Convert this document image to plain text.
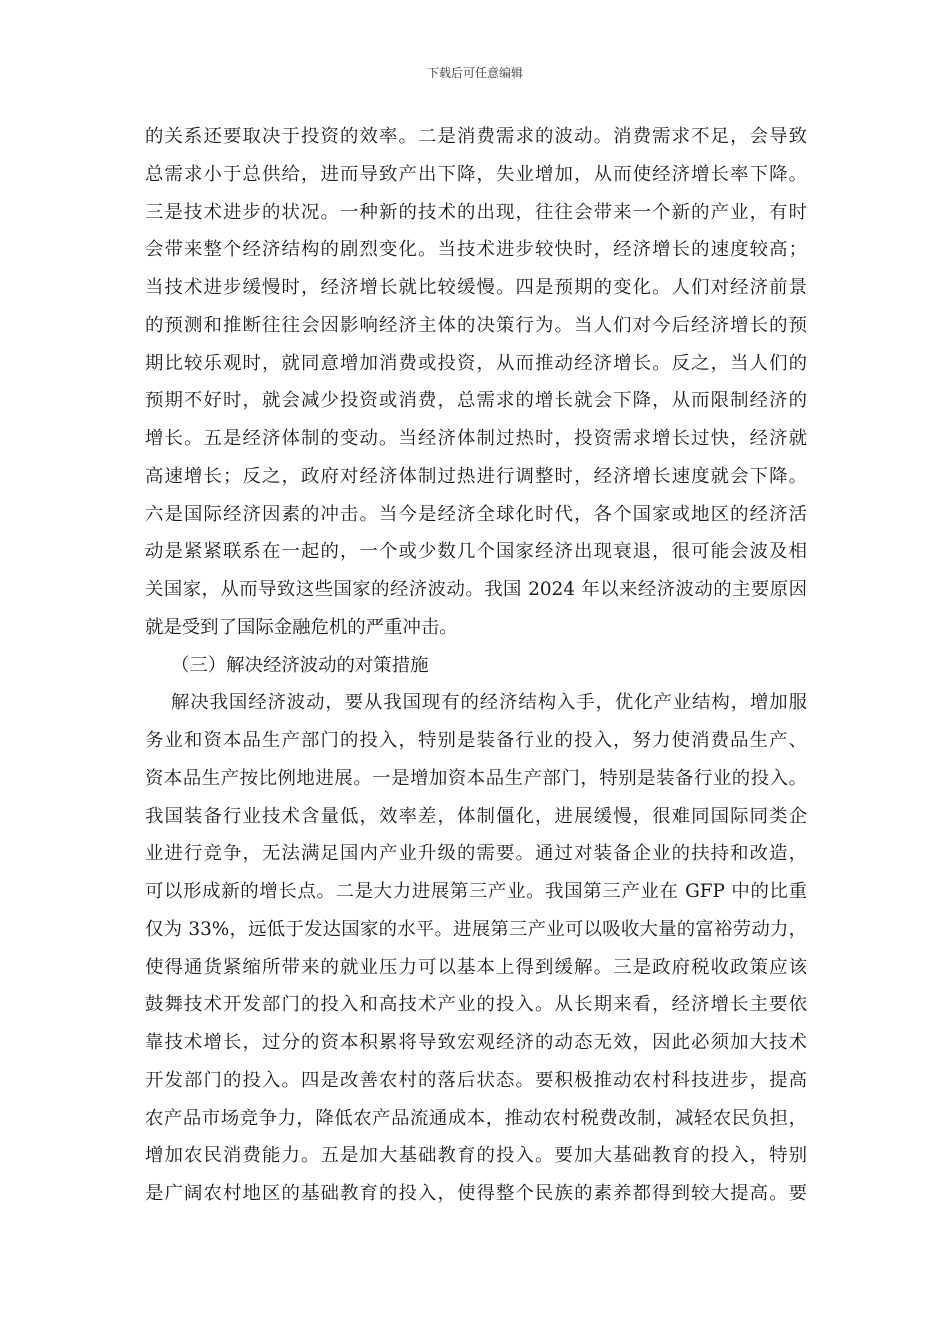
下载后可任意编辑
的关系还要取决于投资的效率。二是消费需求的波动。消费需求不足，会导致
总需求小于总供给，进而导致产出下降，失业增加，从而使经济增长率下降。
三是技术进步的状况。一种新的技术的出现，往往会带来一个新的产业，有时
会带来整个经济结构的剧烈变化。当技术进步较快时，经济增长的速度较高；
当技术进步缓慢时，经济增长就比较缓慢。四是预期的变化。人们对经济前景
的预测和推断往往会因影响经济主体的决策行为。当人们对今后经济增长的预
期比较乐观时，就同意增加消费或投资，从而推动经济增长。反之，当人们的
预期不好时，就会减少投资或消费，总需求的增长就会下降，从而限制经济的
增长。五是经济体制的变动。当经济体制过热时，投资需求增长过快，经济就
高速增长；反之，政府对经济体制过热进行调整时，经济增长速度就会下降。
六是国际经济因素的冲击。当今是经济全球化时代，各个国家或地区的经济活
动是紧紧联系在一起的，一个或少数几个国家经济出现衰退，很可能会波及相
关国家，从而导致这些国家的经济波动。我国 2024 年以来经济波动的主要原因
就是受到了国际金融危机的严重冲击。
（三）解决经济波动的对策措施
解决我国经济波动，要从我国现有的经济结构入手，优化产业结构，增加服
务业和资本品生产部门的投入，特别是装备行业的投入，努力使消费品生产、
资本品生产按比例地进展。一是增加资本品生产部门，特别是装备行业的投入。
我国装备行业技术含量低，效率差，体制僵化，进展缓慢，很难同国际同类企
业进行竞争，无法满足国内产业升级的需要。通过对装备企业的扶持和改造，
可以形成新的增长点。二是大力进展第三产业。我国第三产业在 GFP 中的比重
仅为 33%，远低于发达国家的水平。进展第三产业可以吸收大量的富裕劳动力，
使得通货紧缩所带来的就业压力可以基本上得到缓解。三是政府税收政策应该
鼓舞技术开发部门的投入和高技术产业的投入。从长期来看，经济增长主要依
靠技术增长，过分的资本积累将导致宏观经济的动态无效，因此必须加大技术
开发部门的投入。四是改善农村的落后状态。要积极推动农村科技进步，提高
农产品市场竞争力，降低农产品流通成本，推动农村税费改制，减轻农民负担，
增加农民消费能力。五是加大基础教育的投入。要加大基础教育的投入，特别
是广阔农村地区的基础教育的投入，使得整个民族的素养都得到较大提高。要
